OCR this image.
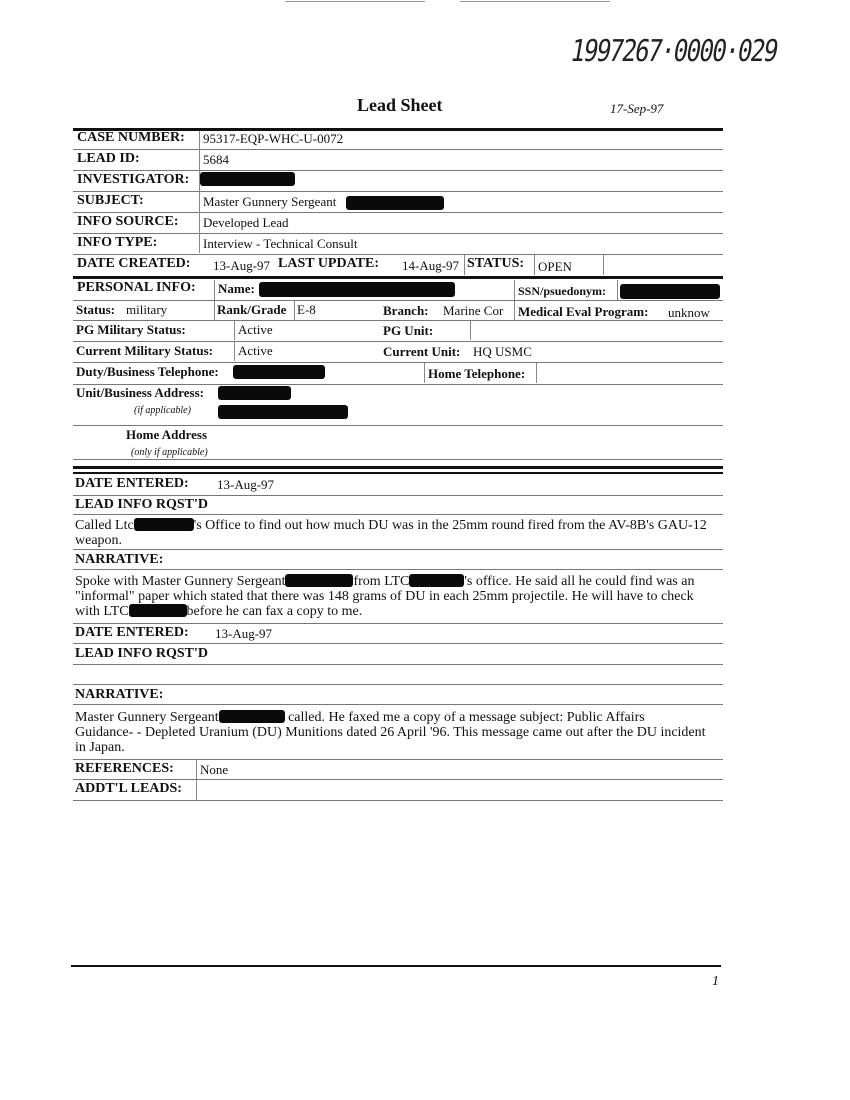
1997267·0000·029
Lead Sheet	17-Sep-97
CASE NUMBER: 95317-EQP-WHC-U-0072
LEAD ID:	5684
INVESTIGATOR:
SUBJECT:	Master Gunnery Sergeant
INFO SOURCE: Developed Lead
INFO TYPE:	Interview - Technical Consult
DATE CREATED: 13-Aug-97 LAST UPDATE: 14-Aug-97 STATUS: OPEN
PERSONAL INFO: Name:	SSN/psuedonym:
Status: military	Rank/Grade E-8	Branch: Marine Cor Medical Eval Program: unknow
PG Military Status:	Active	PG Unit:
Current Military Status: Active	Current Unit: HQ USMC
Duty/Business Telephone:	Home Telephone:
Unit/Business Address:
(if applicable)
Home Address
(only if applicable)
DATE ENTERED: 13-Aug-97
LEAD INFO RQST'D
Called Ltc	's Office to find out how much DU was in the 25mm round fired from the AV-8B's GAU-12
weapon.
NARRATIVE:
Spoke with Master Gunnery Sergeant	from LTC	's office. He said all he could find was an
"informal" paper which stated that there was 148 grams of DU in each 25mm projectile. He will have to check
with LTC	before he can fax a copy to me.
DATE ENTERED: 13-Aug-97
LEAD INFO RQST'D
NARRATIVE:
Master Gunnery Sergeant	called. He faxed me a copy of a message subject: Public Affairs
Guidance- - Depleted Uranium (DU) Munitions dated 26 April '96. This message came out after the DU incident
in Japan.
REFERENCES: None
ADDT'L LEADS:
1
